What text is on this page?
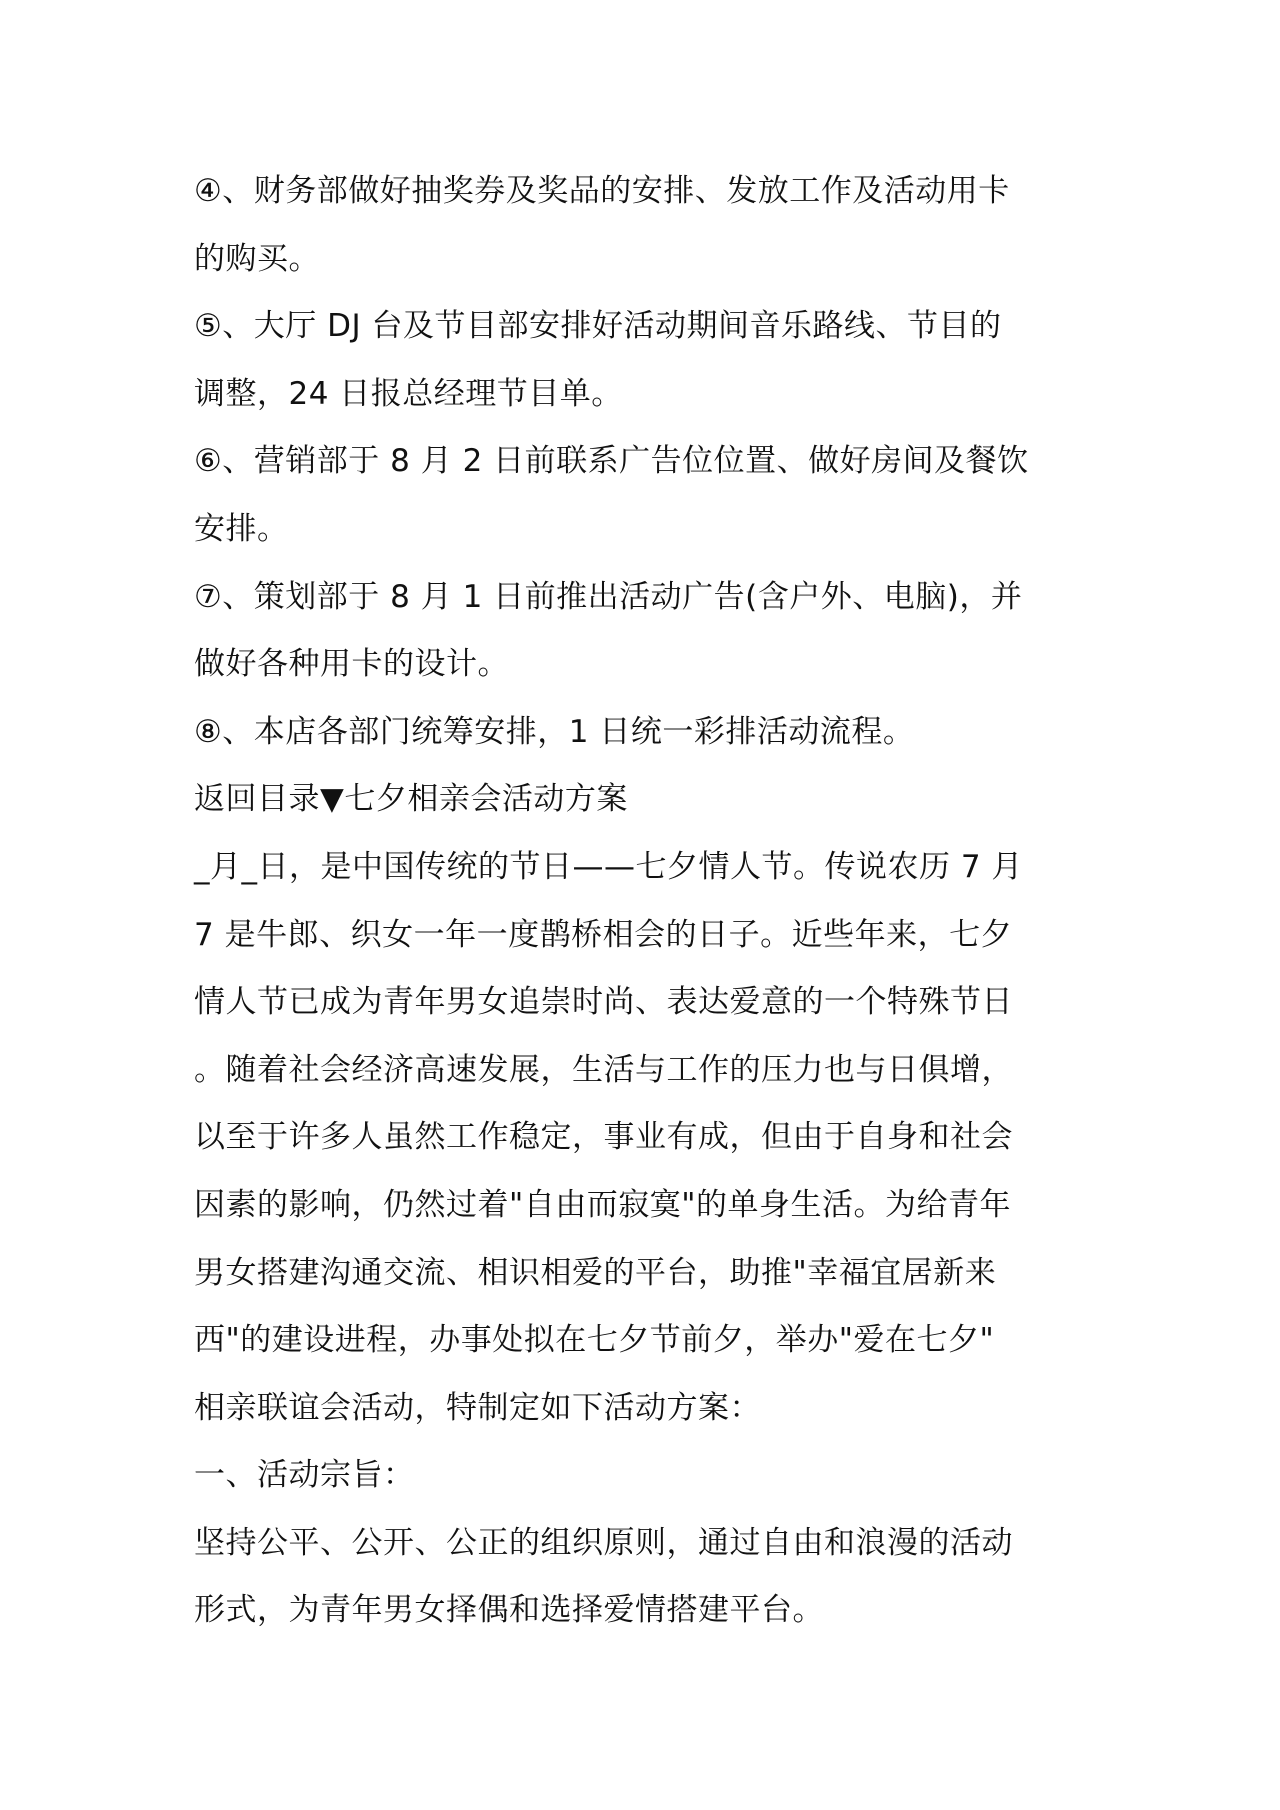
④、财务部做好抽奖券及奖品的安排、发放工作及活动用卡
的购买。
⑤、大厅 DJ 台及节目部安排好活动期间音乐路线、节目的
调整，24 日报总经理节目单。
⑥、营销部于 8 月 2 日前联系广告位位置、做好房间及餐饮
安排。
⑦、策划部于 8 月 1 日前推出活动广告(含户外、电脑)，并
做好各种用卡的设计。
⑧、本店各部门统筹安排，1 日统一彩排活动流程。
返回目录▼七夕相亲会活动方案
_月_日，是中国传统的节日——七夕情人节。传说农历 7 月
7 是牛郎、织女一年一度鹊桥相会的日子。近些年来，七夕
情人节已成为青年男女追崇时尚、表达爱意的一个特殊节日
。随着社会经济高速发展，生活与工作的压力也与日俱增，
以至于许多人虽然工作稳定，事业有成，但由于自身和社会
因素的影响，仍然过着"自由而寂寞"的单身生活。为给青年
男女搭建沟通交流、相识相爱的平台，助推"幸福宜居新来
西"的建设进程，办事处拟在七夕节前夕，举办"爱在七夕"
相亲联谊会活动，特制定如下活动方案：
一、活动宗旨：
坚持公平、公开、公正的组织原则，通过自由和浪漫的活动
形式，为青年男女择偶和选择爱情搭建平台。
